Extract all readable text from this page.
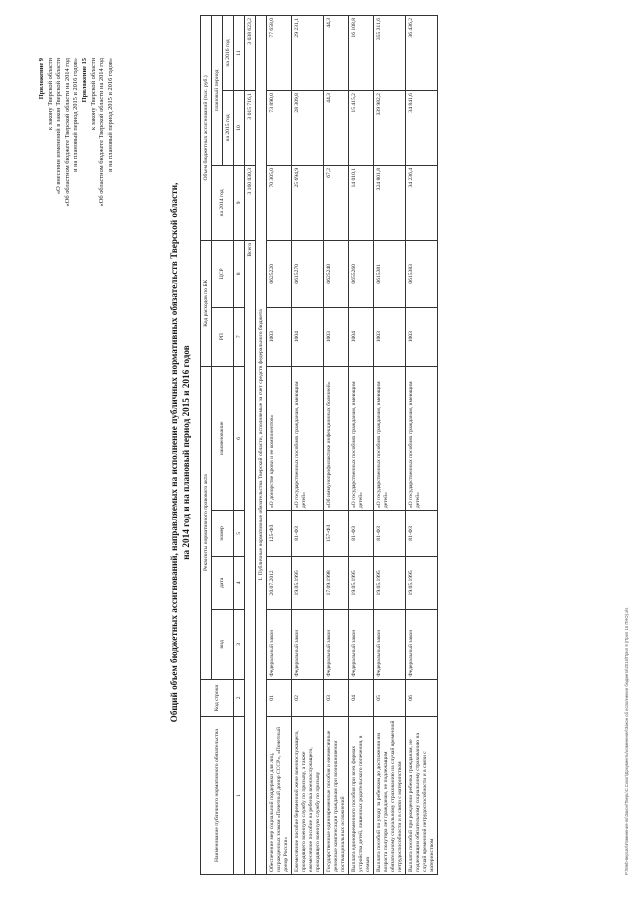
Приложение 9 к закону Тверской области «О внесении изменений в закон Тверской области «Об областном бюджете Тверской области на 2014 год и на плановый период 2015 и 2016 годов» Приложение 15 к закону Тверской области «Об областном бюджете Тверской области на 2014 год и на плановый период 2015 и 2016 годов»
Общий объем бюджетных ассигнований, направляемых на исполнение публичных нормативных обязательств Тверской области, на 2014 год и на плановый период 2015 и 2016 годов
Наименование публичного нормативного обязательства	Код строки	Реквизиты нормативного правового акта				Код расходов по БК		Объем бюджетных ассигнований (тыс. руб.)		
		вид	дата	номер	наименование	РП	ЦСР	на 2014 год	плановый период	
									на 2015 год	на 2016 год
1	2	3	4	5	6	7	8	9	10	11
Всего								3 160 030,3	3 015 716,1	3 038 623,2
1. Публичные нормативные обязательства Тверской области, исполняемые за счет средств федерального бюджета										
Обеспечение мер социальной поддержки для лиц, награжденных знаком «Почетный донор СССР», «Почетный донор России»	01	Федеральный закон	20.07.2012	125-ФЗ	«О донорстве крови и ее компонентов»	1003	0625220	70 305,0	73 890,0	77 658,0
Ежемесячное пособие беременной жене военнослужащего, проходящего военную службу по призыву, а также ежемесячное пособие на ребенка военнослужащего, проходящего военную службу по призыву	02	Федеральный закон	19.05.1995	81-ФЗ	«О государственных пособиях гражданам, имеющим детей»	1004	0615270	25 694,9	28 309,8	29 231,1
Государственные единовременные пособия и ежемесячные денежные компенсации гражданам при возникновении поствакцинальных осложнений	03	Федеральный закон	17.09.1998	157-ФЗ	«Об иммунопрофилактике инфекционных болезней»	1003	0625240	67,2	44,3	44,3
Выплата единовременного пособия при всех формах устройства детей, лишенных родительского попечения, в семью	04	Федеральный закон	19.05.1995	81-ФЗ	«О государственных пособиях гражданам, имеющим детей»	1004	0655260	14 010,1	15 415,2	16 108,8
Выплата пособий по уходу за ребенком до достижения им возраста полутора лет гражданам, не подлежащим обязательному социальному страхованию на случай временной нетрудоспособности и в связи с материнством	05	Федеральный закон	19.05.1995	81-ФЗ	«О государственных пособиях гражданам, имеющим детей»	1003	0615381	324 801,8	339 982,2	355 311,6
Выплата пособий при рождении ребенка гражданам, не подлежащим обязательному социальному страхованию на случай временной нетрудоспособности и в связи с материнством	06	Федеральный закон	19.05.1995	81-ФЗ	«О государственных пособиях гражданам, имеющим детей»	1003	0615383	34 236,4	34 841,6	36 436,2
Р:\Web-версия\Изменения-по\Закон\Тверь\С.Сокоп\Документы\изменения\Закон об исполнении бюджета\2015\Прил 9 (Прил 15 ПНО).xls
